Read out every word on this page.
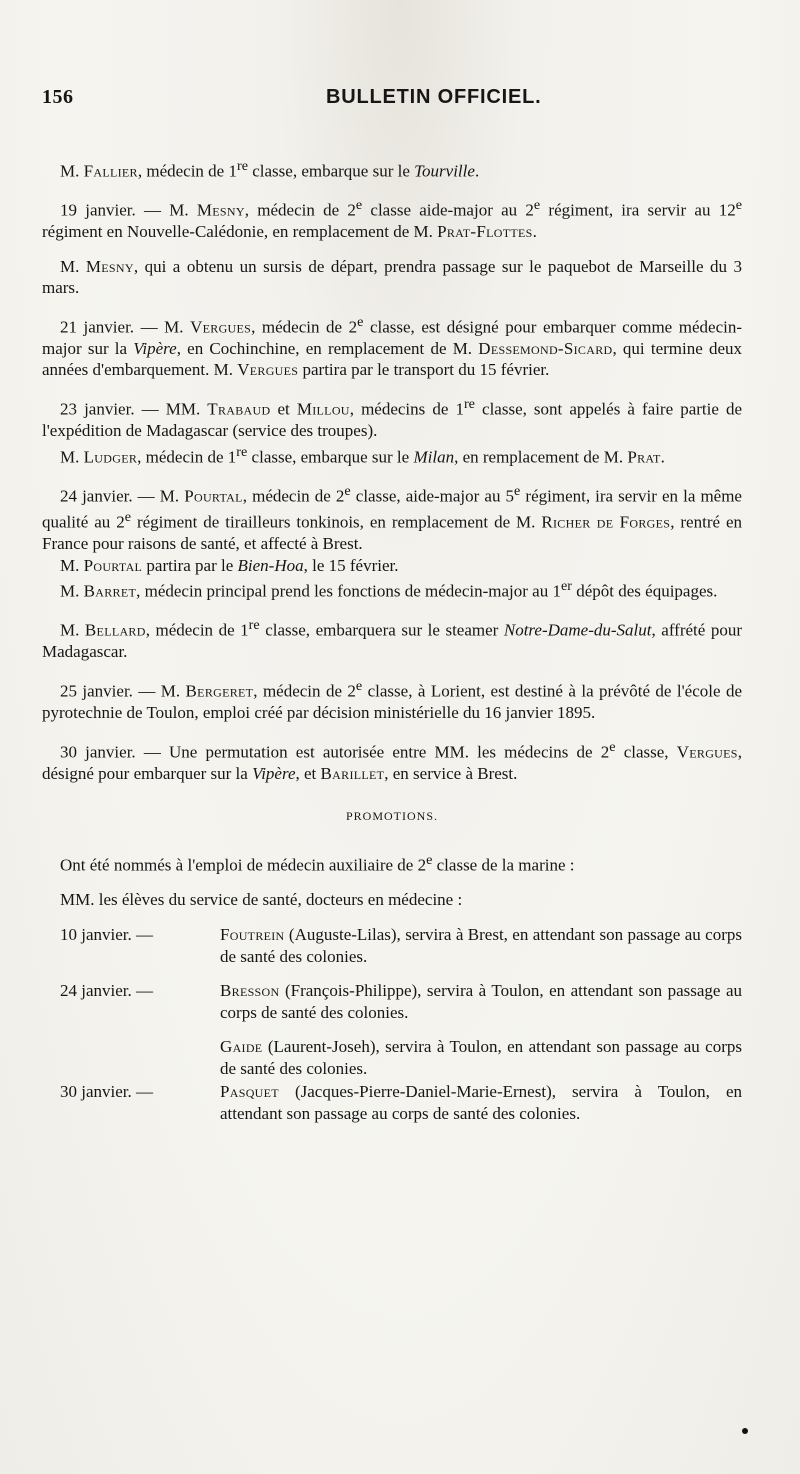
156	BULLETIN OFFICIEL.

M. Fallier, médecin de 1re classe, embarque sur le Tourville.

19 janvier. — M. Mesny, médecin de 2e classe aide-major au 2e régiment, ira servir au 12e régiment en Nouvelle-Calédonie, en remplacement de M. Prat-Flottes.

M. Mesny, qui a obtenu un sursis de départ, prendra passage sur le paquebot de Marseille du 3 mars.

21 janvier. — M. Vergues, médecin de 2e classe, est désigné pour embarquer comme médecin-major sur la Vipère, en Cochinchine, en remplacement de M. Dessemond-Sicard, qui termine deux années d'embarquement. M. Vergues partira par le transport du 15 février.

23 janvier. — MM. Trabaud et Millou, médecins de 1re classe, sont appelés à faire partie de l'expédition de Madagascar (service des troupes).

M. Ludger, médecin de 1re classe, embarque sur le Milan, en remplacement de M. Prat.

24 janvier. — M. Pourtal, médecin de 2e classe, aide-major au 5e régiment, ira servir en la même qualité au 2e régiment de tirailleurs tonkinois, en remplacement de M. Richer de Forges, rentré en France pour raisons de santé, et affecté à Brest.

M. Pourtal partira par le Bien-Hoa, le 15 février.

M. Barret, médecin principal prend les fonctions de médecin-major au 1er dépôt des équipages.

M. Bellard, médecin de 1re classe, embarquera sur le steamer Notre-Dame-du-Salut, affrété pour Madagascar.

25 janvier. — M. Bergeret, médecin de 2e classe, à Lorient, est destiné à la prévôté de l'école de pyrotechnie de Toulon, emploi créé par décision ministérielle du 16 janvier 1895.

30 janvier. — Une permutation est autorisée entre MM. les médecins de 2e classe, Vergues, désigné pour embarquer sur la Vipère, et Barillet, en service à Brest.

PROMOTIONS.

Ont été nommés à l'emploi de médecin auxiliaire de 2e classe de la marine :

MM. les élèves du service de santé, docteurs en médecine :

10 janvier. —	Foutrein (Auguste-Lilas), servira à Brest, en attendant son passage au corps de santé des colonies.
24 janvier. —	Bresson (François-Philippe), servira à Toulon, en attendant son passage au corps de santé des colonies.
Gaide (Laurent-Joseh), servira à Toulon, en attendant son passage au corps de santé des colonies.
30 janvier. —	Pasquet (Jacques-Pierre-Daniel-Marie-Ernest), servira à Toulon, en attendant son passage au corps de santé des colonies.
